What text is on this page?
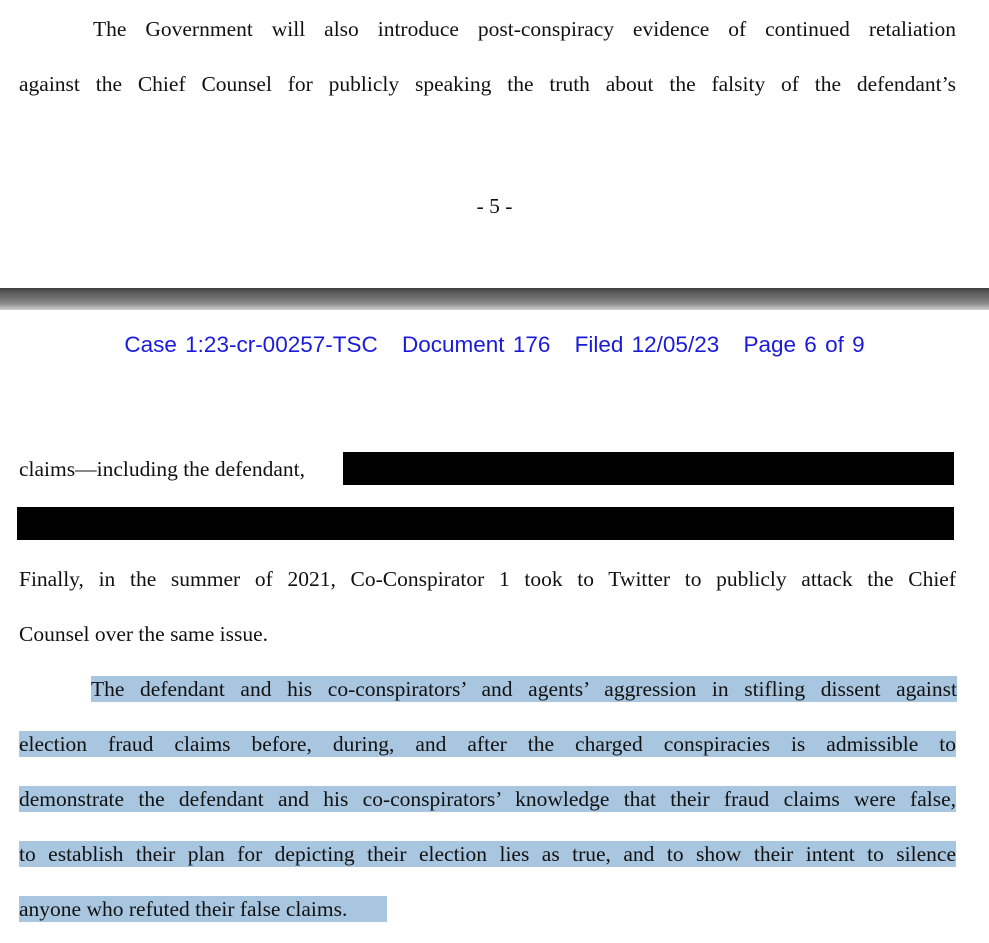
The Government will also introduce post-conspiracy evidence of continued retaliation
against the Chief Counsel for publicly speaking the truth about the falsity of the defendant’s
- 5 -
Case 1:23-cr-00257-TSC Document 176 Filed 12/05/23 Page 6 of 9
claims—including the defendant,
Finally, in the summer of 2021, Co-Conspirator 1 took to Twitter to publicly attack the Chief
Counsel over the same issue.
The defendant and his co-conspirators’ and agents’ aggression in stifling dissent against
election fraud claims before, during, and after the charged conspiracies is admissible to
demonstrate the defendant and his co-conspirators’ knowledge that their fraud claims were false,
to establish their plan for depicting their election lies as true, and to show their intent to silence
anyone who refuted their false claims.
